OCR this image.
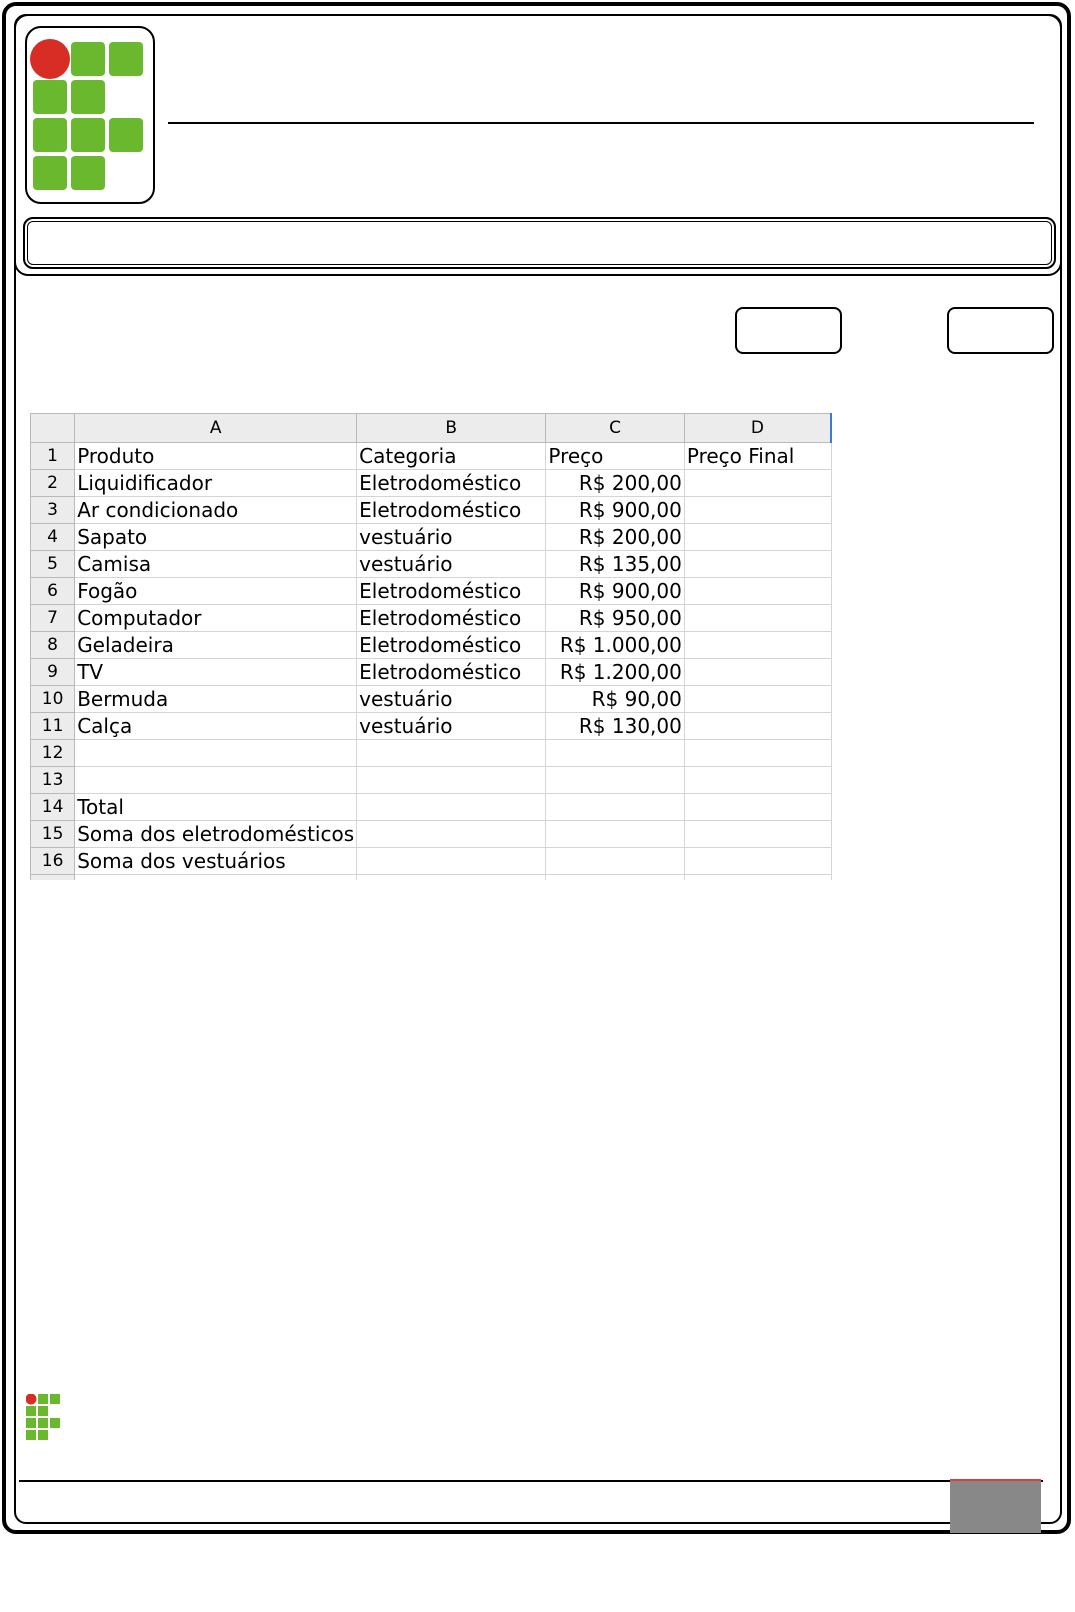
	A	B	C	D
1	Produto	Categoria	Preço	Preço Final
2	Liquidificador	Eletrodoméstico	R$ 200,00	
3	Ar condicionado	Eletrodoméstico	R$ 900,00	
4	Sapato	vestuário	R$ 200,00	
5	Camisa	vestuário	R$ 135,00	
6	Fogão	Eletrodoméstico	R$ 900,00	
7	Computador	Eletrodoméstico	R$ 950,00	
8	Geladeira	Eletrodoméstico	R$ 1.000,00	
9	TV	Eletrodoméstico	R$ 1.200,00	
10	Bermuda	vestuário	R$ 90,00	
11	Calça	vestuário	R$ 130,00	
12				
13				
14	Total			
15	Soma dos eletrodomésticos			
16	Soma dos vestuários			
